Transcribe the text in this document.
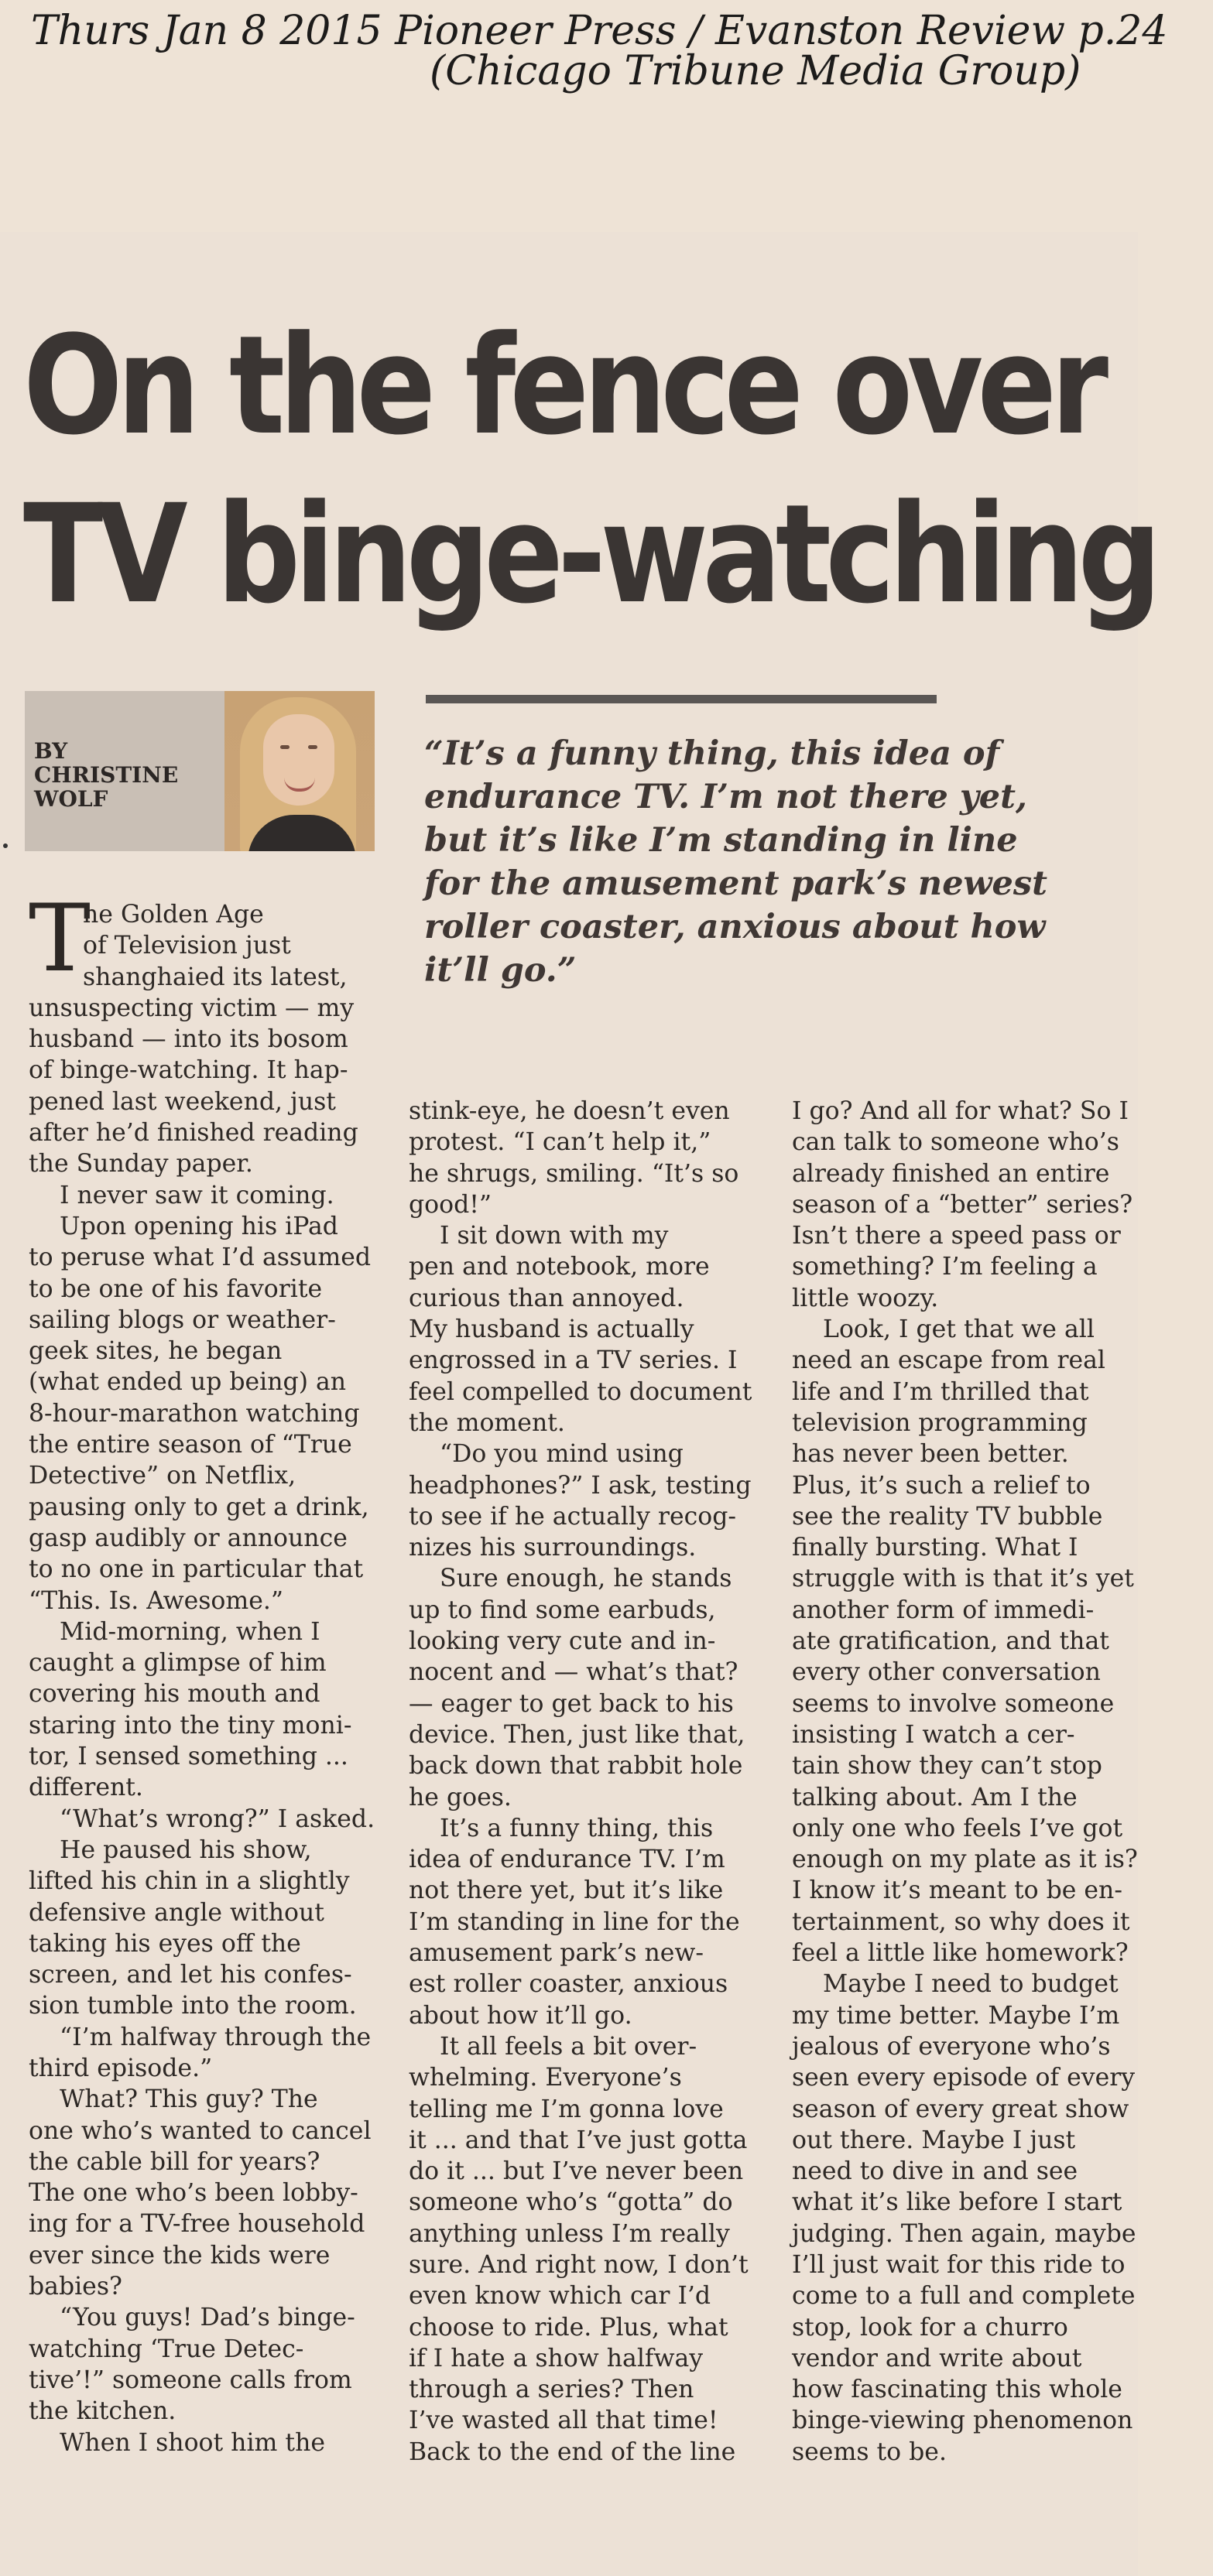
Thurs Jan 8 2015 Pioneer Press / Evanston Review p.24
(Chicago Tribune Media Group)
On the fence over
TV binge-watching
BY
CHRISTINE
WOLF
“It’s a funny thing, this idea of
endurance TV. I’m not there yet,
but it’s like I’m standing in line
for the amusement park’s newest
roller coaster, anxious about how
it’ll go.”
T
he Golden Age
of Television just
shanghaied its latest,
unsuspecting victim — my
husband — into its bosom
of binge-watching. It hap-
pened last weekend, just
after he’d finished reading
the Sunday paper.
I never saw it coming.
Upon opening his iPad
to peruse what I’d assumed
to be one of his favorite
sailing blogs or weather-
geek sites, he began
(what ended up being) an
8-hour-marathon watching
the entire season of “True
Detective” on Netflix,
pausing only to get a drink,
gasp audibly or announce
to no one in particular that
“This. Is. Awesome.”
Mid-morning, when I
caught a glimpse of him
covering his mouth and
staring into the tiny moni-
tor, I sensed something ...
different.
“What’s wrong?” I asked.
He paused his show,
lifted his chin in a slightly
defensive angle without
taking his eyes off the
screen, and let his confes-
sion tumble into the room.
“I’m halfway through the
third episode.”
What? This guy? The
one who’s wanted to cancel
the cable bill for years?
The one who’s been lobby-
ing for a TV-free household
ever since the kids were
babies?
“You guys! Dad’s binge-
watching ‘True Detec-
tive’!” someone calls from
the kitchen.
When I shoot him the
stink-eye, he doesn’t even
protest. “I can’t help it,”
he shrugs, smiling. “It’s so
good!”
I sit down with my
pen and notebook, more
curious than annoyed.
My husband is actually
engrossed in a TV series. I
feel compelled to document
the moment.
“Do you mind using
headphones?” I ask, testing
to see if he actually recog-
nizes his surroundings.
Sure enough, he stands
up to find some earbuds,
looking very cute and in-
nocent and — what’s that?
— eager to get back to his
device. Then, just like that,
back down that rabbit hole
he goes.
It’s a funny thing, this
idea of endurance TV. I’m
not there yet, but it’s like
I’m standing in line for the
amusement park’s new-
est roller coaster, anxious
about how it’ll go.
It all feels a bit over-
whelming. Everyone’s
telling me I’m gonna love
it ... and that I’ve just gotta
do it ... but I’ve never been
someone who’s “gotta” do
anything unless I’m really
sure. And right now, I don’t
even know which car I’d
choose to ride. Plus, what
if I hate a show halfway
through a series? Then
I’ve wasted all that time!
Back to the end of the line
I go? And all for what? So I
can talk to someone who’s
already finished an entire
season of a “better” series?
Isn’t there a speed pass or
something? I’m feeling a
little woozy.
Look, I get that we all
need an escape from real
life and I’m thrilled that
television programming
has never been better.
Plus, it’s such a relief to
see the reality TV bubble
finally bursting. What I
struggle with is that it’s yet
another form of immedi-
ate gratification, and that
every other conversation
seems to involve someone
insisting I watch a cer-
tain show they can’t stop
talking about. Am I the
only one who feels I’ve got
enough on my plate as it is?
I know it’s meant to be en-
tertainment, so why does it
feel a little like homework?
Maybe I need to budget
my time better. Maybe I’m
jealous of everyone who’s
seen every episode of every
season of every great show
out there. Maybe I just
need to dive in and see
what it’s like before I start
judging. Then again, maybe
I’ll just wait for this ride to
come to a full and complete
stop, look for a churro
vendor and write about
how fascinating this whole
binge-viewing phenomenon
seems to be.
